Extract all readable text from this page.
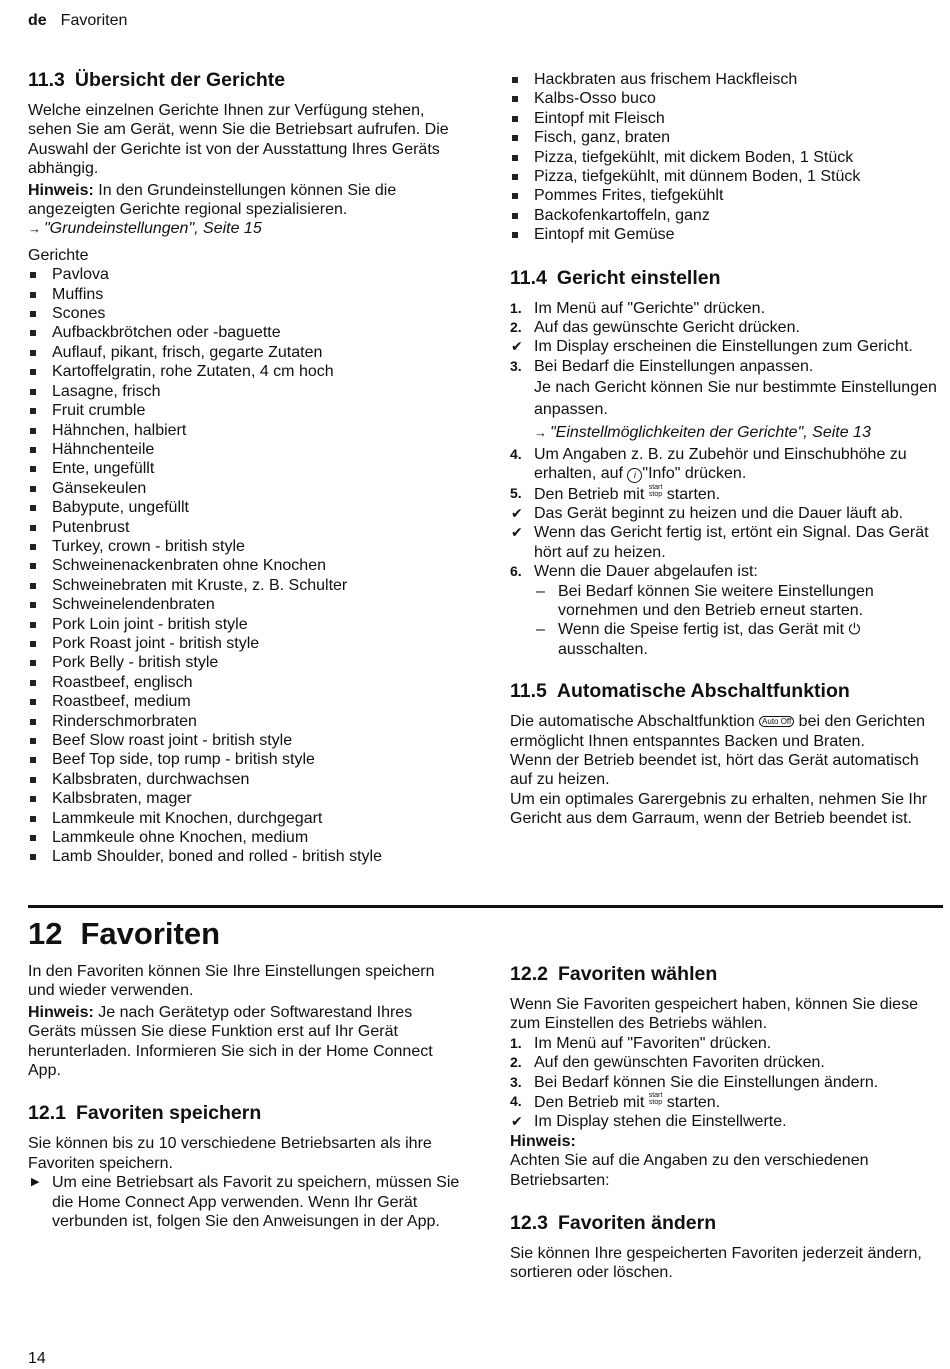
de Favoriten
11.3 Übersicht der Gerichte

Welche einzelnen Gerichte Ihnen zur Verfügung stehen, sehen Sie am Gerät, wenn Sie die Betriebsart aufrufen. Die Auswahl der Gerichte ist von der Ausstattung Ihres Geräts abhängig.

Hinweis: In den Grundeinstellungen können Sie die angezeigten Gerichte regional spezialisieren.

→ "Grundeinstellungen", Seite 15

Gerichte

Pavlova
Muffins
Scones
Aufbackbrötchen oder -baguette
Auflauf, pikant, frisch, gegarte Zutaten
Kartoffelgratin, rohe Zutaten, 4 cm hoch
Lasagne, frisch
Fruit crumble
Hähnchen, halbiert
Hähnchenteile
Ente, ungefüllt
Gänsekeulen
Babypute, ungefüllt
Putenbrust
Turkey, crown - british style
Schweinenackenbraten ohne Knochen
Schweinebraten mit Kruste, z. B. Schulter
Schweinelendenbraten
Pork Loin joint - british style
Pork Roast joint - british style
Pork Belly - british style
Roastbeef, englisch
Roastbeef, medium
Rinderschmorbraten
Beef Slow roast joint - british style
Beef Top side, top rump - british style
Kalbsbraten, durchwachsen
Kalbsbraten, mager
Lammkeule mit Knochen, durchgegart
Lammkeule ohne Knochen, medium
Lamb Shoulder, boned and rolled - british style
Hackbraten aus frischem Hackfleisch
Kalbs-Osso buco
Eintopf mit Fleisch
Fisch, ganz, braten
Pizza, tiefgekühlt, mit dickem Boden, 1 Stück
Pizza, tiefgekühlt, mit dünnem Boden, 1 Stück
Pommes Frites, tiefgekühlt
Backofenkartoffeln, ganz
Eintopf mit Gemüse
11.4 Gericht einstellen
1. Im Menü auf "Gerichte" drücken.
2. Auf das gewünschte Gericht drücken.
✔ Im Display erscheinen die Einstellungen zum Gericht.
3. Bei Bedarf die Einstellungen anpassen.

Je nach Gericht können Sie nur bestimmte Einstellungen anpassen.

→ "Einstellmöglichkeiten der Gerichte", Seite 13

4. Um Angaben z. B. zu Zubehör und Einschubhöhe zu erhalten, auf i "Info" drücken.
5. Den Betrieb mit start
stop starten.
✔ Das Gerät beginnt zu heizen und die Dauer läuft ab.
✔ Wenn das Gericht fertig ist, ertönt ein Signal. Das Gerät hört auf zu heizen.
6. Wenn die Dauer abgelaufen ist:
– Bei Bedarf können Sie weitere Einstellungen vornehmen und den Betrieb erneut starten.
– Wenn die Speise fertig ist, das Gerät mit ⏻ ausschalten.
11.5 Automatische Abschaltfunktion

Die automatische Abschaltfunktion Auto Off bei den Gerichten ermöglicht Ihnen entspanntes Backen und Braten.

Wenn der Betrieb beendet ist, hört das Gerät automatisch auf zu heizen.

Um ein optimales Garergebnis zu erhalten, nehmen Sie Ihr Gericht aus dem Garraum, wenn der Betrieb beendet ist.

12 Favoriten

In den Favoriten können Sie Ihre Einstellungen speichern und wieder verwenden.

Hinweis: Je nach Gerätetyp oder Softwarestand Ihres Geräts müssen Sie diese Funktion erst auf Ihr Gerät herunterladen. Informieren Sie sich in der Home Connect App.

12.1 Favoriten speichern

Sie können bis zu 10 verschiedene Betriebsarten als ihre Favoriten speichern.

▶ Um eine Betriebsart als Favorit zu speichern, müssen Sie die Home Connect App verwenden. Wenn Ihr Gerät verbunden ist, folgen Sie den Anweisungen in der App.
12.2 Favoriten wählen

Wenn Sie Favoriten gespeichert haben, können Sie diese zum Einstellen des Betriebs wählen.

1. Im Menü auf "Favoriten" drücken.
2. Auf den gewünschten Favoriten drücken.
3. Bei Bedarf können Sie die Einstellungen ändern.
4. Den Betrieb mit start
stop starten.
✔ Im Display stehen die Einstellwerte.

Hinweis:

Achten Sie auf die Angaben zu den verschiedenen Betriebsarten:

12.3 Favoriten ändern

Sie können Ihre gespeicherten Favoriten jederzeit ändern, sortieren oder löschen.

14
